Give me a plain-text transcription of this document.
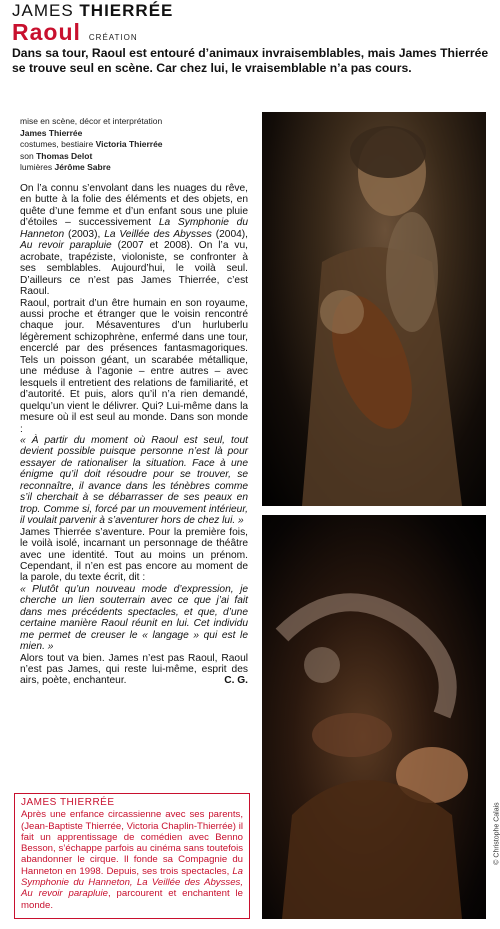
JAMES THIERRÉE
Raoul CRÉATION
Dans sa tour, Raoul est entouré d’animaux invraisemblables, mais James Thierrée se trouve seul en scène. Car chez lui, le vraisemblable n’a pas cours.
mise en scène, décor et interprétation
James Thierrée
costumes, bestiaire Victoria Thierrée
son Thomas Delot
lumières Jérôme Sabre

On l’a connu s’envolant dans les nuages du rêve, en butte à la folie des éléments et des objets, en quête d’une femme et d’un enfant sous une pluie d’étoiles – successivement La Symphonie du Hanneton (2003), La Veillée des Abysses (2004), Au revoir parapluie (2007 et 2008). On l’a vu, acrobate, trapéziste, violoniste, se confronter à ses semblables. Aujourd’hui, le voilà seul. D’ailleurs ce n’est pas James Thierrée, c’est Raoul.

Raoul, portrait d’un être humain en son royaume, aussi proche et étranger que le voisin rencontré chaque jour. Mésaventures d’un hurluberlu légèrement schizophrène, enfermé dans une tour, encerclé par des présences fantasmagoriques. Tels un poisson géant, un scarabée métallique, une méduse à l’agonie – entre autres – avec lesquels il entretient des relations de familiarité, et d’autorité. Et puis, alors qu’il n’a rien demandé, quelqu’un vient le délivrer. Qui? Lui-même dans la mesure où il est seul au monde. Dans son monde :

« À partir du moment où Raoul est seul, tout devient possible puisque personne n’est là pour essayer de rationaliser la situation. Face à une énigme qu’il doit résoudre pour se trouver, se reconnaître, il avance dans les ténèbres comme s’il cherchait à se débarrasser de ses peaux en trop. Comme si, forcé par un mouvement intérieur, il voulait parvenir à s’aventurer hors de chez lui. »

James Thierrée s’aventure. Pour la première fois, le voilà isolé, incarnant un personnage de théâtre avec une identité. Tout au moins un prénom. Cependant, il n’en est pas encore au moment de la parole, du texte écrit, dit :

« Plutôt qu’un nouveau mode d’expression, je cherche un lien souterrain avec ce que j’ai fait dans mes précédents spectacles, et que, d’une certaine manière Raoul réunit en lui. Cet individu me permet de creuser le « langage » qui est le mien. »

Alors tout va bien. James n’est pas Raoul, Raoul n’est pas James, qui reste lui-même, esprit des airs, poète, enchanteur.	C. G.

JAMES THIERRÉE
Après une enfance circassienne avec ses parents, (Jean-Baptiste Thierrée, Victoria Chaplin-Thierrée) il fait un apprentissage de comédien avec Benno Besson, s’échappe parfois au cinéma sans toutefois abandonner le cirque. Il fonde sa Compagnie du Hanneton en 1998. Depuis, ses trois spectacles, La Symphonie du Hanneton, La Veillée des Abysses, Au revoir parapluie, parcourent et enchantent le monde.
© Christophe Calais
